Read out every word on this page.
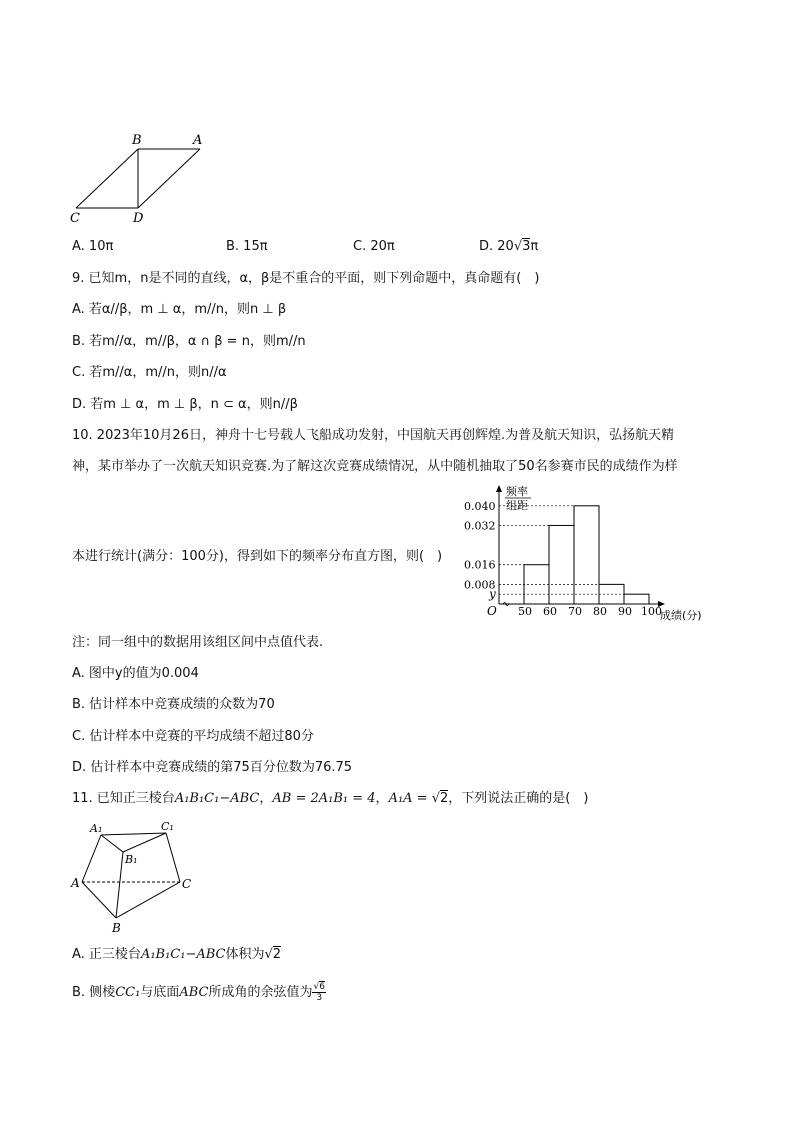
B	A
C	D
A. 10π	B. 15π	C. 20π	D. 20√3π
9. 已知m，n是不同的直线，α，β是不重合的平面，则下列命题中，真命题有(　)
A. 若α//β，m ⊥ α，m//n，则n ⊥ β
B. 若m//α，m//β，α ∩ β = n，则m//n
C. 若m//α，m//n，则n//α
D. 若m ⊥ α，m ⊥ β，n ⊂ α，则n//β
10. 2023年10月26日，神舟十七号载人飞船成功发射，中国航天再创辉煌.为普及航天知识，弘扬航天精
神，某市举办了一次航天知识竞赛.为了解这次竞赛成绩情况，从中随机抽取了50名参赛市民的成绩作为样
本进行统计(满分：100分)，得到如下的频率分布直方图，则(　)
频率
组距
O	成绩(分)
0.040
0.032
0.016
0.008
y
50 60 70 80 90 100
注：同一组中的数据用该组区间中点值代表.
A. 图中y的值为0.004
B. 估计样本中竞赛成绩的众数为70
C. 估计样本中竞赛的平均成绩不超过80分
D. 估计样本中竞赛成绩的第75百分位数为76.75
11. 已知正三棱台A₁B₁C₁−ABC，AB = 2A₁B₁ = 4，A₁A = √2，下列说法正确的是(　)
A₁	C₁
B₁
A	C
B
A. 正三棱台A₁B₁C₁−ABC体积为√2
B. 侧棱CC₁与底面ABC所成角的余弦值为 $\frac{√6}{3}$
